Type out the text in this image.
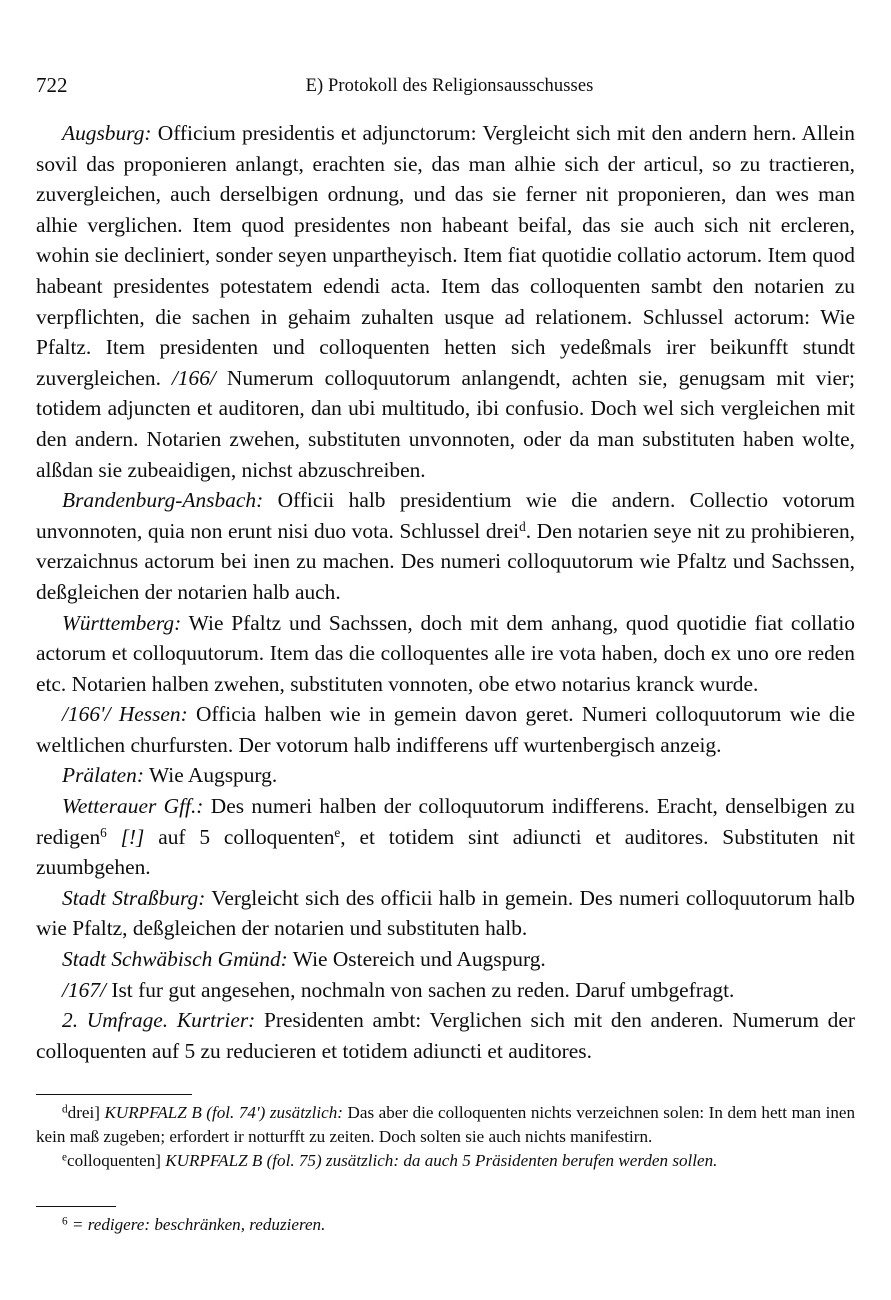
722	E) Protokoll des Religionsausschusses

Augsburg: Officium presidentis et adjunctorum: Vergleicht sich mit den andern hern. Allein sovil das proponieren anlangt, erachten sie, das man alhie sich der articul, so zu tractieren, zuvergleichen, auch derselbigen ordnung, und das sie ferner nit proponieren, dan wes man alhie verglichen. Item quod presidentes non habeant beifal, das sie auch sich nit ercleren, wohin sie decliniert, sonder seyen unpartheyisch. Item fiat quotidie collatio actorum. Item quod habeant presidentes potestatem edendi acta. Item das colloquenten sambt den notarien zu verpflichten, die sachen in gehaim zuhalten usque ad relationem. Schlussel actorum: Wie Pfaltz. Item presidenten und colloquenten hetten sich yedeßmals irer beikunfft stundt zuvergleichen. /166/ Numerum colloquutorum anlangendt, achten sie, genugsam mit vier; totidem adjuncten et auditoren, dan ubi multitudo, ibi confusio. Doch wel sich vergleichen mit den andern. Notarien zwehen, substituten unvonnoten, oder da man substituten haben wolte, alßdan sie zubeaidigen, nichst abzuschreiben.

Brandenburg-Ansbach: Officii halb presidentium wie die andern. Collectio votorum unvonnoten, quia non erunt nisi duo vota. Schlussel drei$^d$. Den notarien seye nit zu prohibieren, verzaichnus actorum bei inen zu machen. Des numeri colloquutorum wie Pfaltz und Sachssen, deßgleichen der notarien halb auch.

Württemberg: Wie Pfaltz und Sachssen, doch mit dem anhang, quod quotidie fiat collatio actorum et colloquutorum. Item das die colloquentes alle ire vota haben, doch ex uno ore reden etc. Notarien halben zwehen, substituten vonnoten, obe etwo notarius kranck wurde.

/166'/ Hessen: Officia halben wie in gemein davon geret. Numeri colloquutorum wie die weltlichen churfursten. Der votorum halb indifferens uff wurtenbergisch anzeig.

Prälaten: Wie Augspurg.

Wetterauer Gff.: Des numeri halben der colloquutorum indifferens. Eracht, denselbigen zu redigen$^6$ [!] auf 5 colloquenten$^e$, et totidem sint adiuncti et auditores. Substituten nit zuumbgehen.

Stadt Straßburg: Vergleicht sich des officii halb in gemein. Des numeri colloquutorum halb wie Pfaltz, deßgleichen der notarien und substituten halb.

Stadt Schwäbisch Gmünd: Wie Ostereich und Augspurg.

/167/ Ist fur gut angesehen, nochmaln von sachen zu reden. Daruf umbgefragt.

2. Umfrage. Kurtrier: Presidenten ambt: Verglichen sich mit den anderen. Numerum der colloquenten auf 5 zu reducieren et totidem adiuncti et auditores.

$^d$drei] KURPFALZ B (fol. 74') zusätzlich: Das aber die colloquenten nichts verzeichnen solen: In dem hett man inen kein maß zugeben; erfordert ir notturfft zu zeiten. Doch solten sie auch nichts manifestirn.

$^e$colloquenten] KURPFALZ B (fol. 75) zusätzlich: da auch 5 Präsidenten berufen werden sollen.

$^6$ = redigere: beschränken, reduzieren.
